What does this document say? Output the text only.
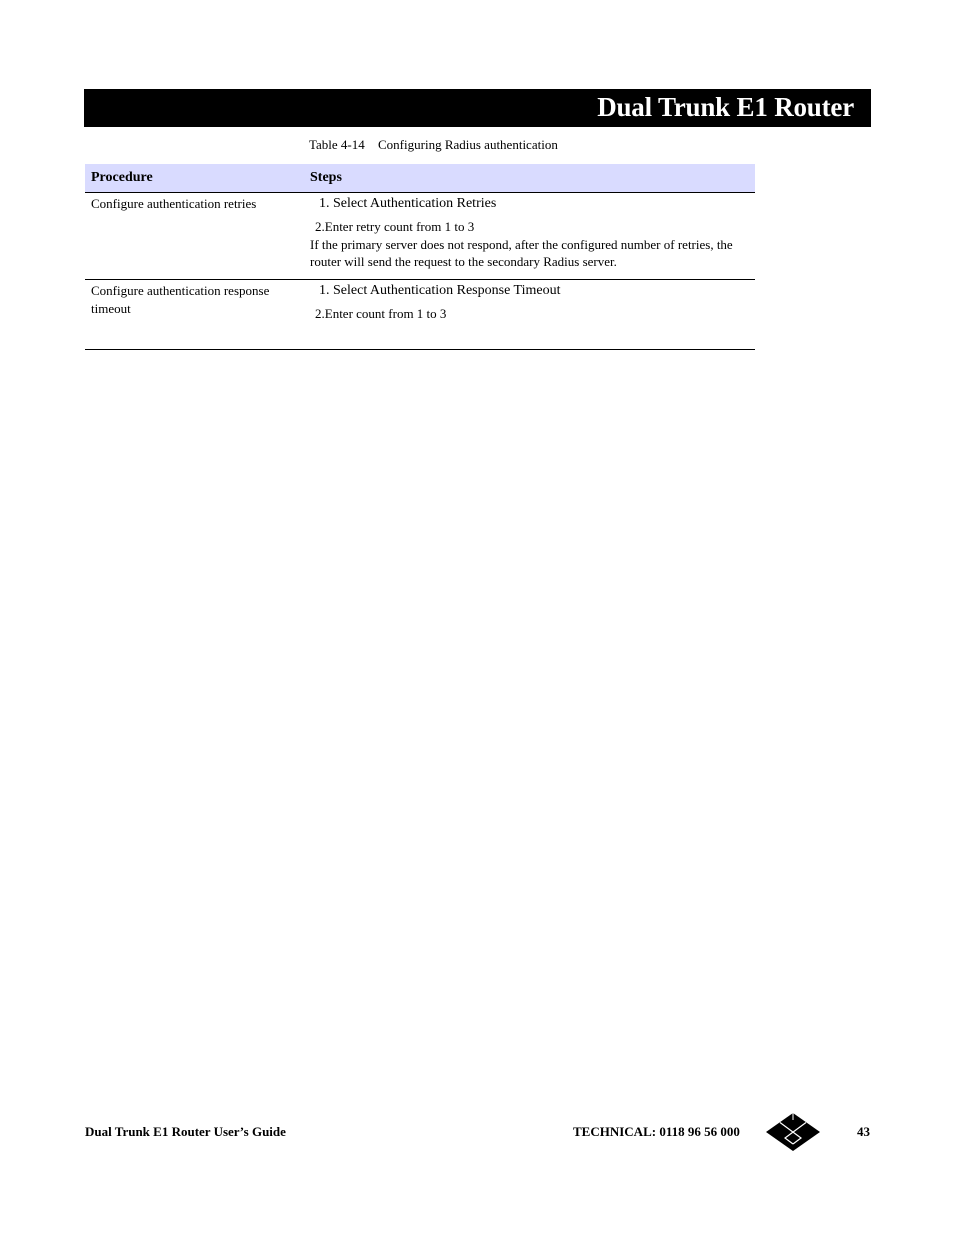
Dual Trunk E1 Router
Table 4-14 Configuring Radius authentication
Procedure	Steps
Configure authentication retries	1. Select Authentication Retries
2.Enter retry count from 1 to 3
If the primary server does not respond, after the configured number of retries, the router will send the request to the secondary Radius server.

Configure authentication response timeout	1. Select Authentication Response Timeout
2.Enter count from 1 to 3
Dual Trunk E1 Router User’s Guide	TECHNICAL: 0118 96 56 000	43
